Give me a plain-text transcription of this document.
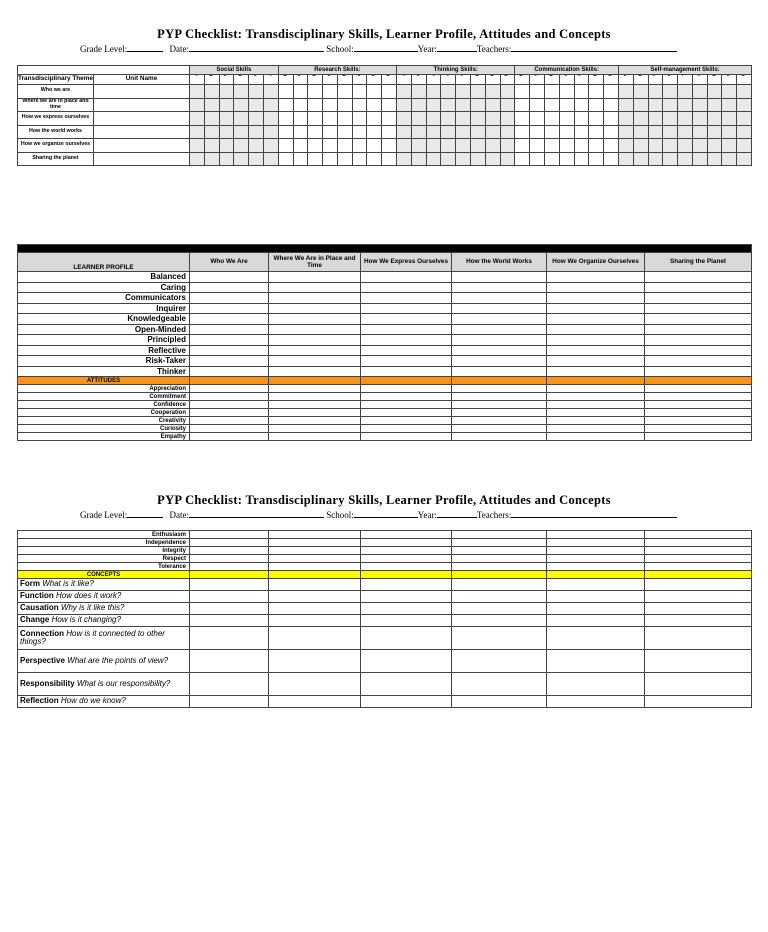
PYP Checklist: Transdisciplinary Skills, Learner Profile, Attitudes and Concepts
Grade Level:	Date:	School:	Year:	Teachers:
		Social Skills						Research Skills:								Thinking Skills:								Communication Skills:							Self-management Skills:								
Transdisciplinary Theme	Unit Name	

Who we are																																							
Where we are in place and time																																							
How we express ourselves																																							
How the world works																																							
How we organize ourselves																																							
Sharing the planet																																							

LEARNER PROFILE	Who We Are	Where We Are in Place and Time	How We Express Ourselves	How the World Works	How We Organize Ourselves	Sharing the Planet
Balanced						
Caring						
Communicators						
Inquirer						
Knowledgeable						
Open-Minded						
Principled						
Reflective						
Risk-Taker						
Thinker						
ATTITUDES						
Appreciation						
Commitment						
Confidence						
Cooperation						
Creativity						
Curiosity						
Empathy						
PYP Checklist: Transdisciplinary Skills, Learner Profile, Attitudes and Concepts
Grade Level:	Date:	School:	Year:	Teachers:
Enthusiasm						
Independence						
Integrity						
Respect						
Tolerance						
CONCEPTS						
Form What is it like?						
Function How does it work?						
Causation Why is it like this?						
Change How is it changing?						
Connection How is it connected to other things?						
Perspective What are the points of view?						
Responsibility What is our responsibility?						
Reflection How do we know?						
